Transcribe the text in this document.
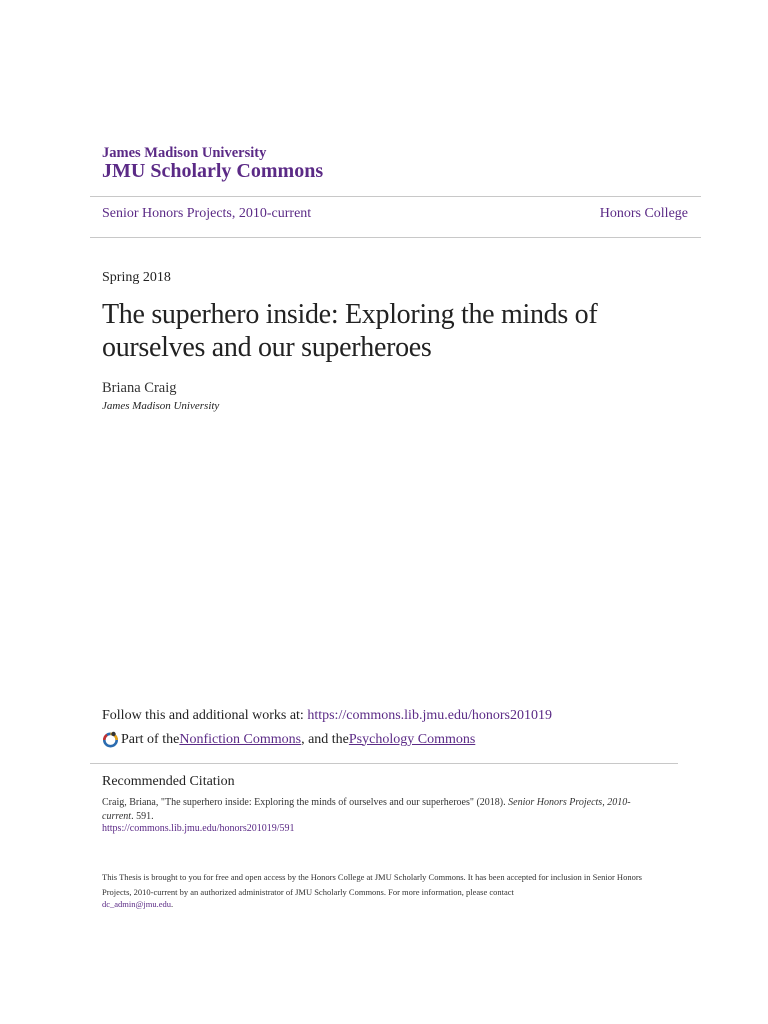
James Madison University
JMU Scholarly Commons
Senior Honors Projects, 2010-current	Honors College
Spring 2018
The superhero inside: Exploring the minds of ourselves and our superheroes
Briana Craig
James Madison University
Follow this and additional works at: https://commons.lib.jmu.edu/honors201019
Part of the Nonfiction Commons , and the Psychology Commons
Recommended Citation
Craig, Briana, "The superhero inside: Exploring the minds of ourselves and our superheroes" (2018). Senior Honors Projects, 2010-current. 591.
https://commons.lib.jmu.edu/honors201019/591
This Thesis is brought to you for free and open access by the Honors College at JMU Scholarly Commons. It has been accepted for inclusion in Senior Honors Projects, 2010-current by an authorized administrator of JMU Scholarly Commons. For more information, please contact
dc_admin@jmu.edu.
